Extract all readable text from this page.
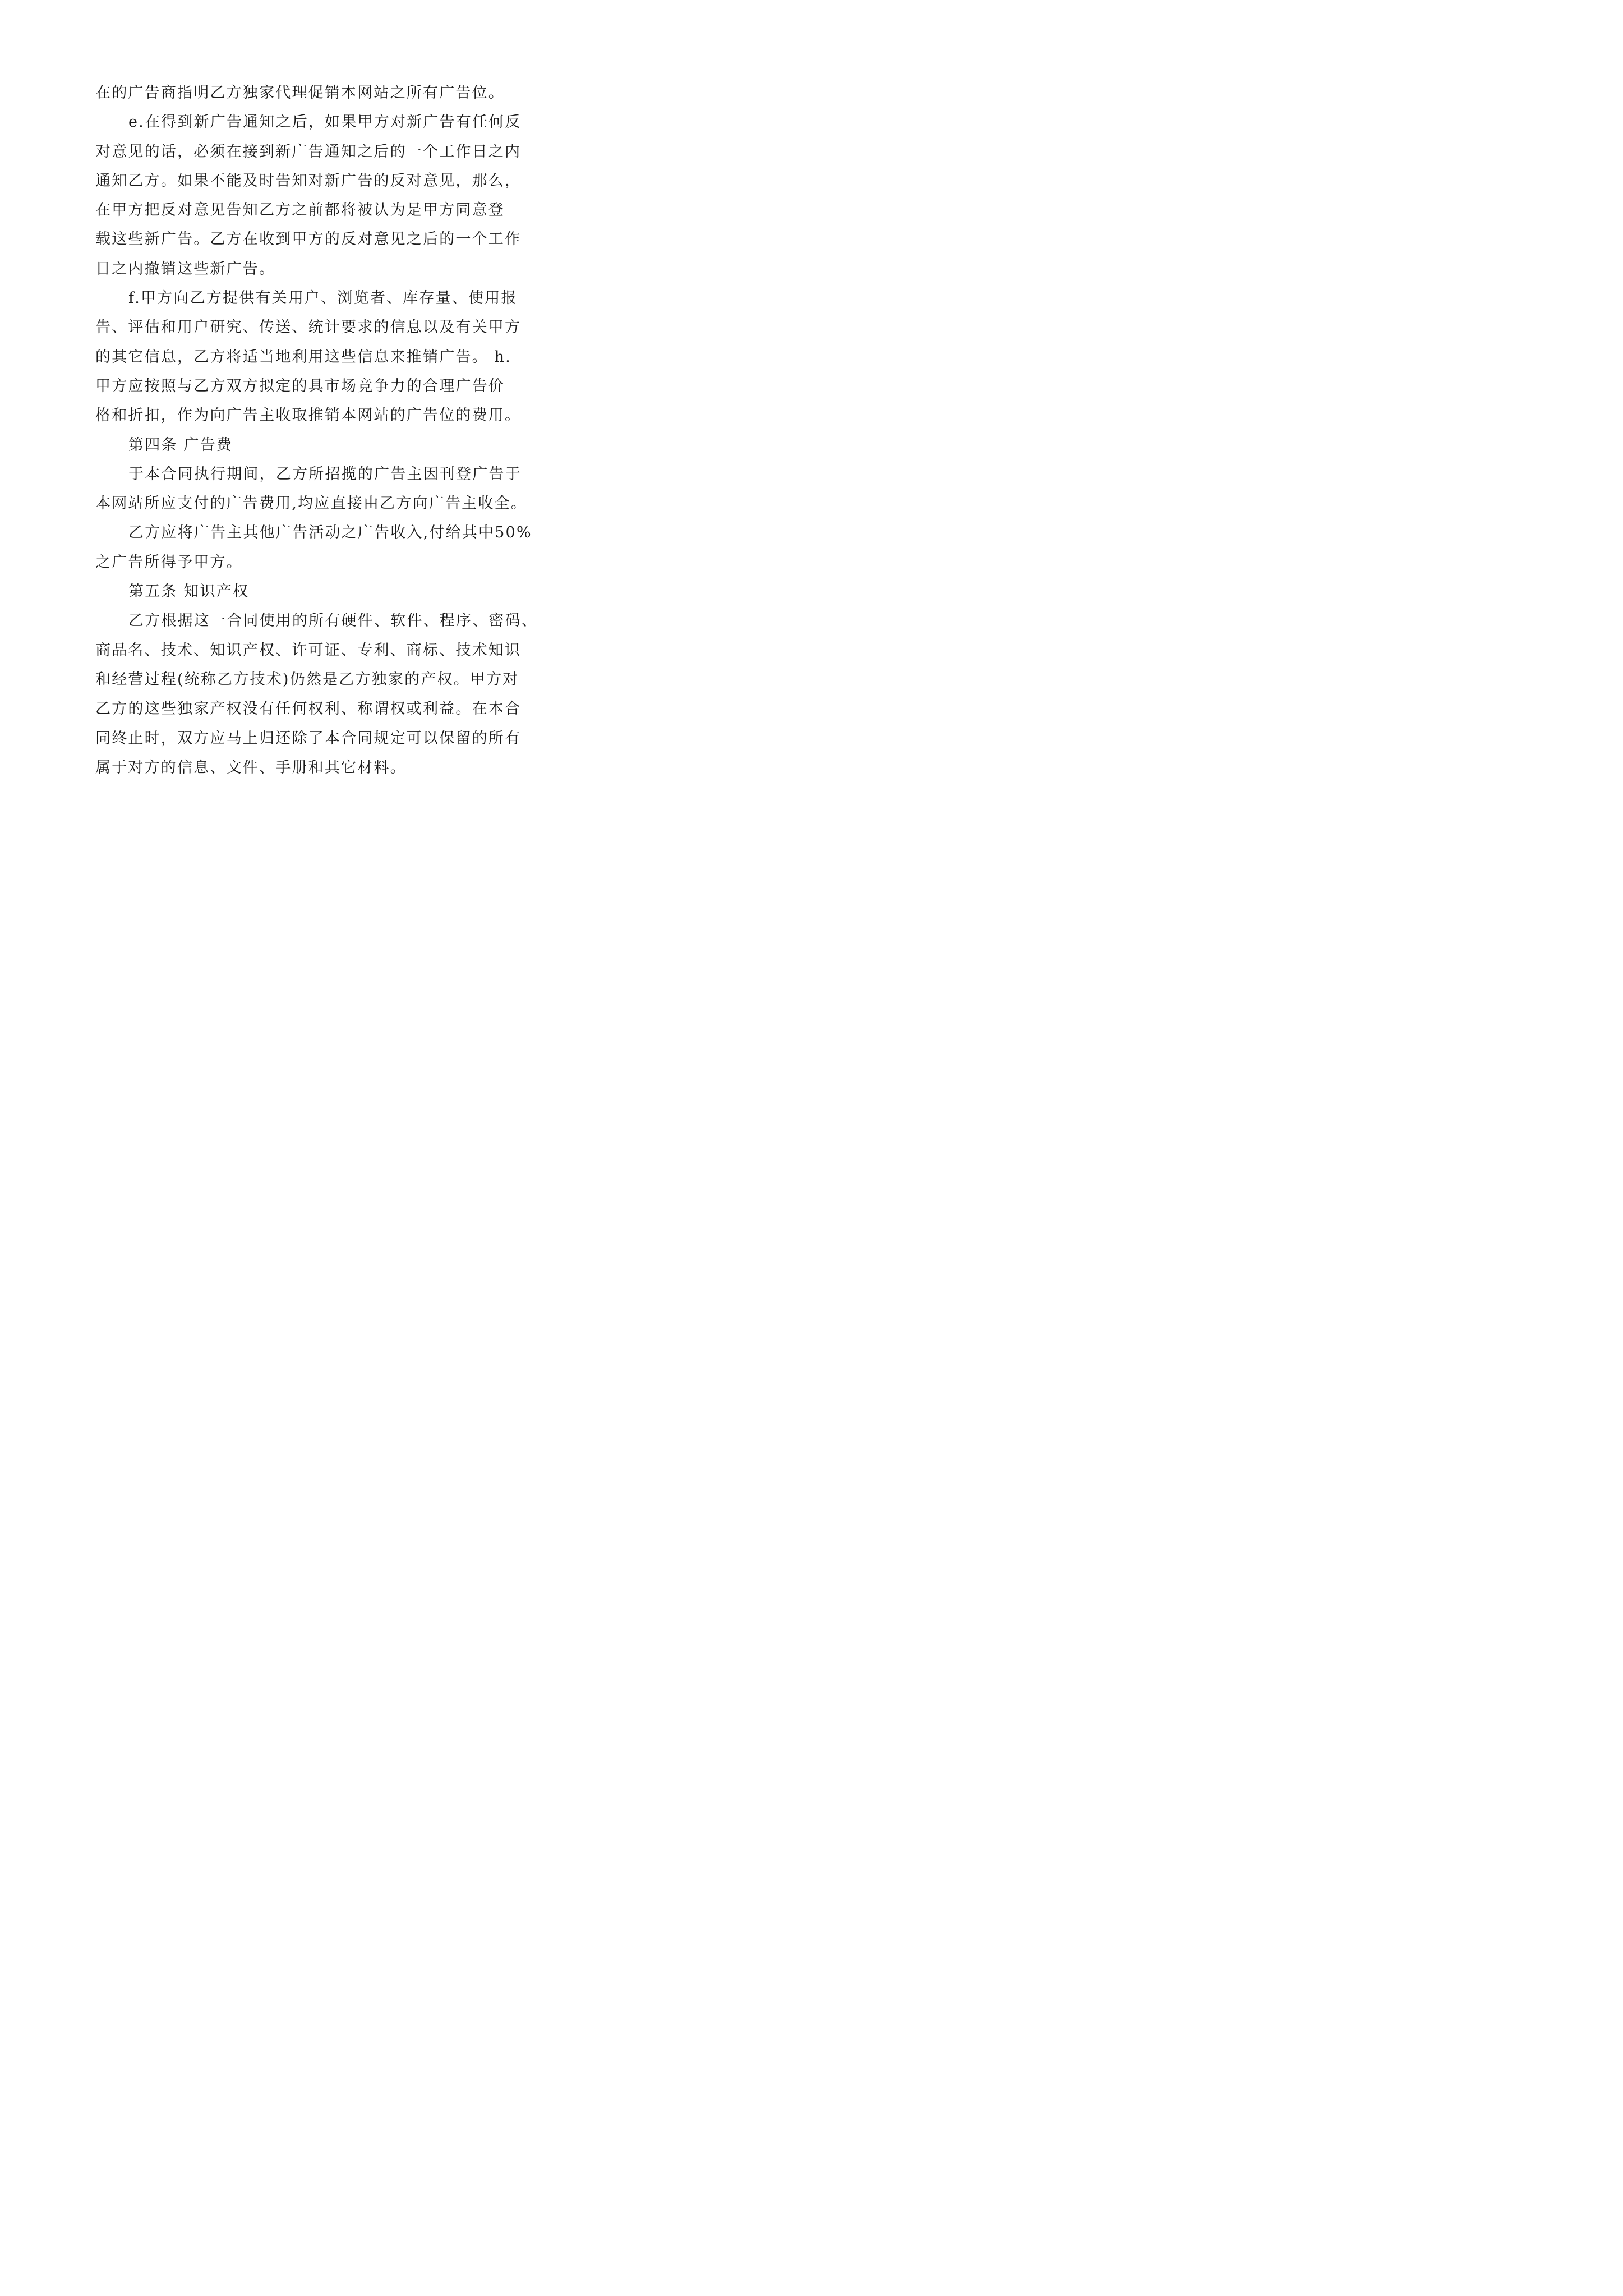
在的广告商指明乙方独家代理促销本网站之所有广告位。
e.在得到新广告通知之后，如果甲方对新广告有任何反
对意见的话，必须在接到新广告通知之后的一个工作日之内
通知乙方。如果不能及时告知对新广告的反对意见，那么，
在甲方把反对意见告知乙方之前都将被认为是甲方同意登
载这些新广告。乙方在收到甲方的反对意见之后的一个工作
日之内撤销这些新广告。
f.甲方向乙方提供有关用户、浏览者、库存量、使用报
告、评估和用户研究、传送、统计要求的信息以及有关甲方
的其它信息，乙方将适当地利用这些信息来推销广告。 h.
甲方应按照与乙方双方拟定的具市场竞争力的合理广告价
格和折扣，作为向广告主收取推销本网站的广告位的费用。
第四条 广告费
于本合同执行期间，乙方所招揽的广告主因刊登广告于
本网站所应支付的广告费用,均应直接由乙方向广告主收全。
乙方应将广告主其他广告活动之广告收入,付给其中50%
之广告所得予甲方。
第五条 知识产权
乙方根据这一合同使用的所有硬件、软件、程序、密码、
商品名、技术、知识产权、许可证、专利、商标、技术知识
和经营过程(统称乙方技术)仍然是乙方独家的产权。甲方对
乙方的这些独家产权没有任何权利、称谓权或利益。在本合
同终止时，双方应马上归还除了本合同规定可以保留的所有
属于对方的信息、文件、手册和其它材料。
